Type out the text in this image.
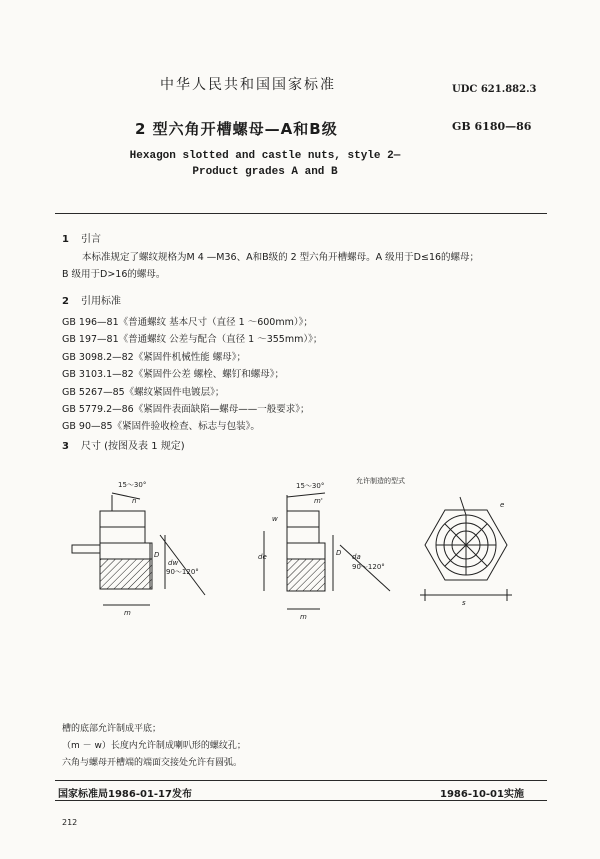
中华人民共和国国家标准	UDC 621.882.3
2 型六角开槽螺母—A和B级	GB 6180—86
Hexagon slotted and castle nuts, style 2—
Product grades A and B
1 引言
本标准规定了螺纹规格为M 4 —M36、A和B级的 2 型六角开槽螺母。A 级用于D≤16的螺母；
B 级用于D>16的螺母。
2 引用标准
GB 196—81《普通螺纹 基本尺寸（直径 1 ～600mm）》；
GB 197—81《普通螺纹 公差与配合（直径 1 ～355mm）》；
GB 3098.2—82《紧固件机械性能 螺母》；
GB 3103.1—82《紧固件公差 螺栓、螺钉和螺母》；
GB 5267—85《螺纹紧固件电镀层》；
GB 5779.2—86《紧固件表面缺陷—螺母——一般要求》；
GB 90—85《紧固件验收检查、标志与包装》。
3 尺寸 (按图及表 1 规定)
15～30°	15～30°
90～120°
90～120°
D
dw
de	D da
m	m
n	m'
w
e
s
允许制造的型式
槽的底部允许制成平底；
（m － w）长度内允许制成喇叭形的螺纹孔；
六角与螺母开槽端的端面交接处允许有圆弧。
国家标准局1986-01-17发布	1986-10-01实施
212
